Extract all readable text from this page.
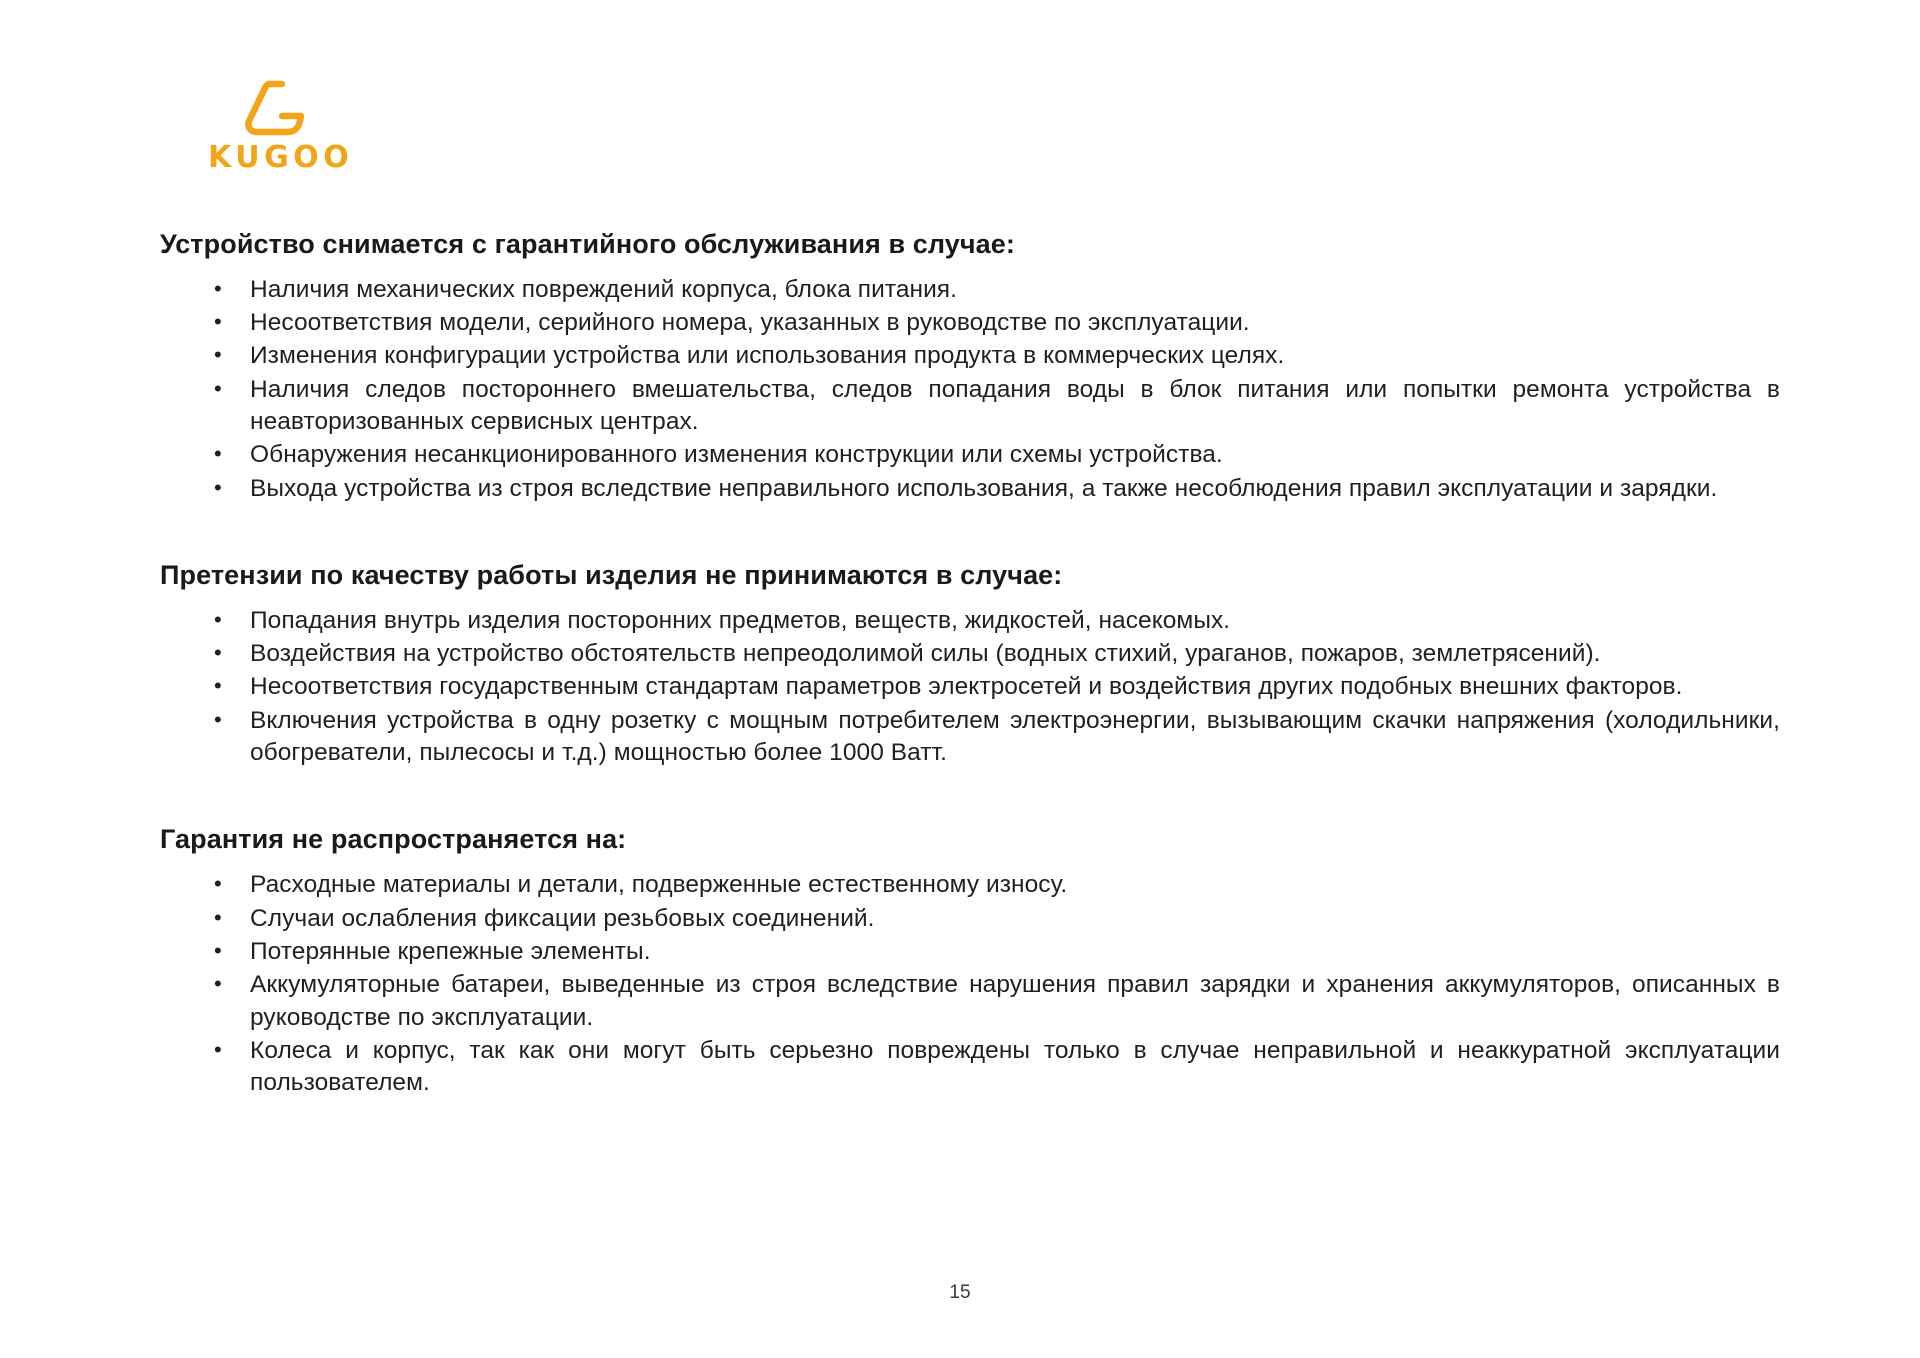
KUGOO
Устройство снимается с гарантийного обслуживания в случае:
• Наличия механических повреждений корпуса, блока питания.
• Несоответствия модели, серийного номера, указанных в руководстве по эксплуатации.
• Изменения конфигурации устройства или использования продукта в коммерческих целях.
• Наличия следов постороннего вмешательства, следов попадания воды в блок питания или попытки ремонта устройства в неавторизованных сервисных центрах.
• Обнаружения несанкционированного изменения конструкции или схемы устройства.
• Выхода устройства из строя вследствие неправильного использования, а также несоблюдения правил эксплуатации и зарядки.
Претензии по качеству работы изделия не принимаются в случае:
• Попадания внутрь изделия посторонних предметов, веществ, жидкостей, насекомых.
• Воздействия на устройство обстоятельств непреодолимой силы (водных стихий, ураганов, пожаров, землетрясений).
• Несоответствия государственным стандартам параметров электросетей и воздействия других подобных внешних факторов.
• Включения устройства в одну розетку с мощным потребителем электроэнергии, вызывающим скачки напряжения (холодильники, обогреватели, пылесосы и т.д.) мощностью более 1000 Ватт.
Гарантия не распространяется на:
• Расходные материалы и детали, подверженные естественному износу.
• Случаи ослабления фиксации резьбовых соединений.
• Потерянные крепежные элементы.
• Аккумуляторные батареи, выведенные из строя вследствие нарушения правил зарядки и хранения аккумуляторов, описанных в руководстве по эксплуатации.
• Колеса и корпус, так как они могут быть серьезно повреждены только в случае неправильной и неаккуратной эксплуатации пользователем.
15
